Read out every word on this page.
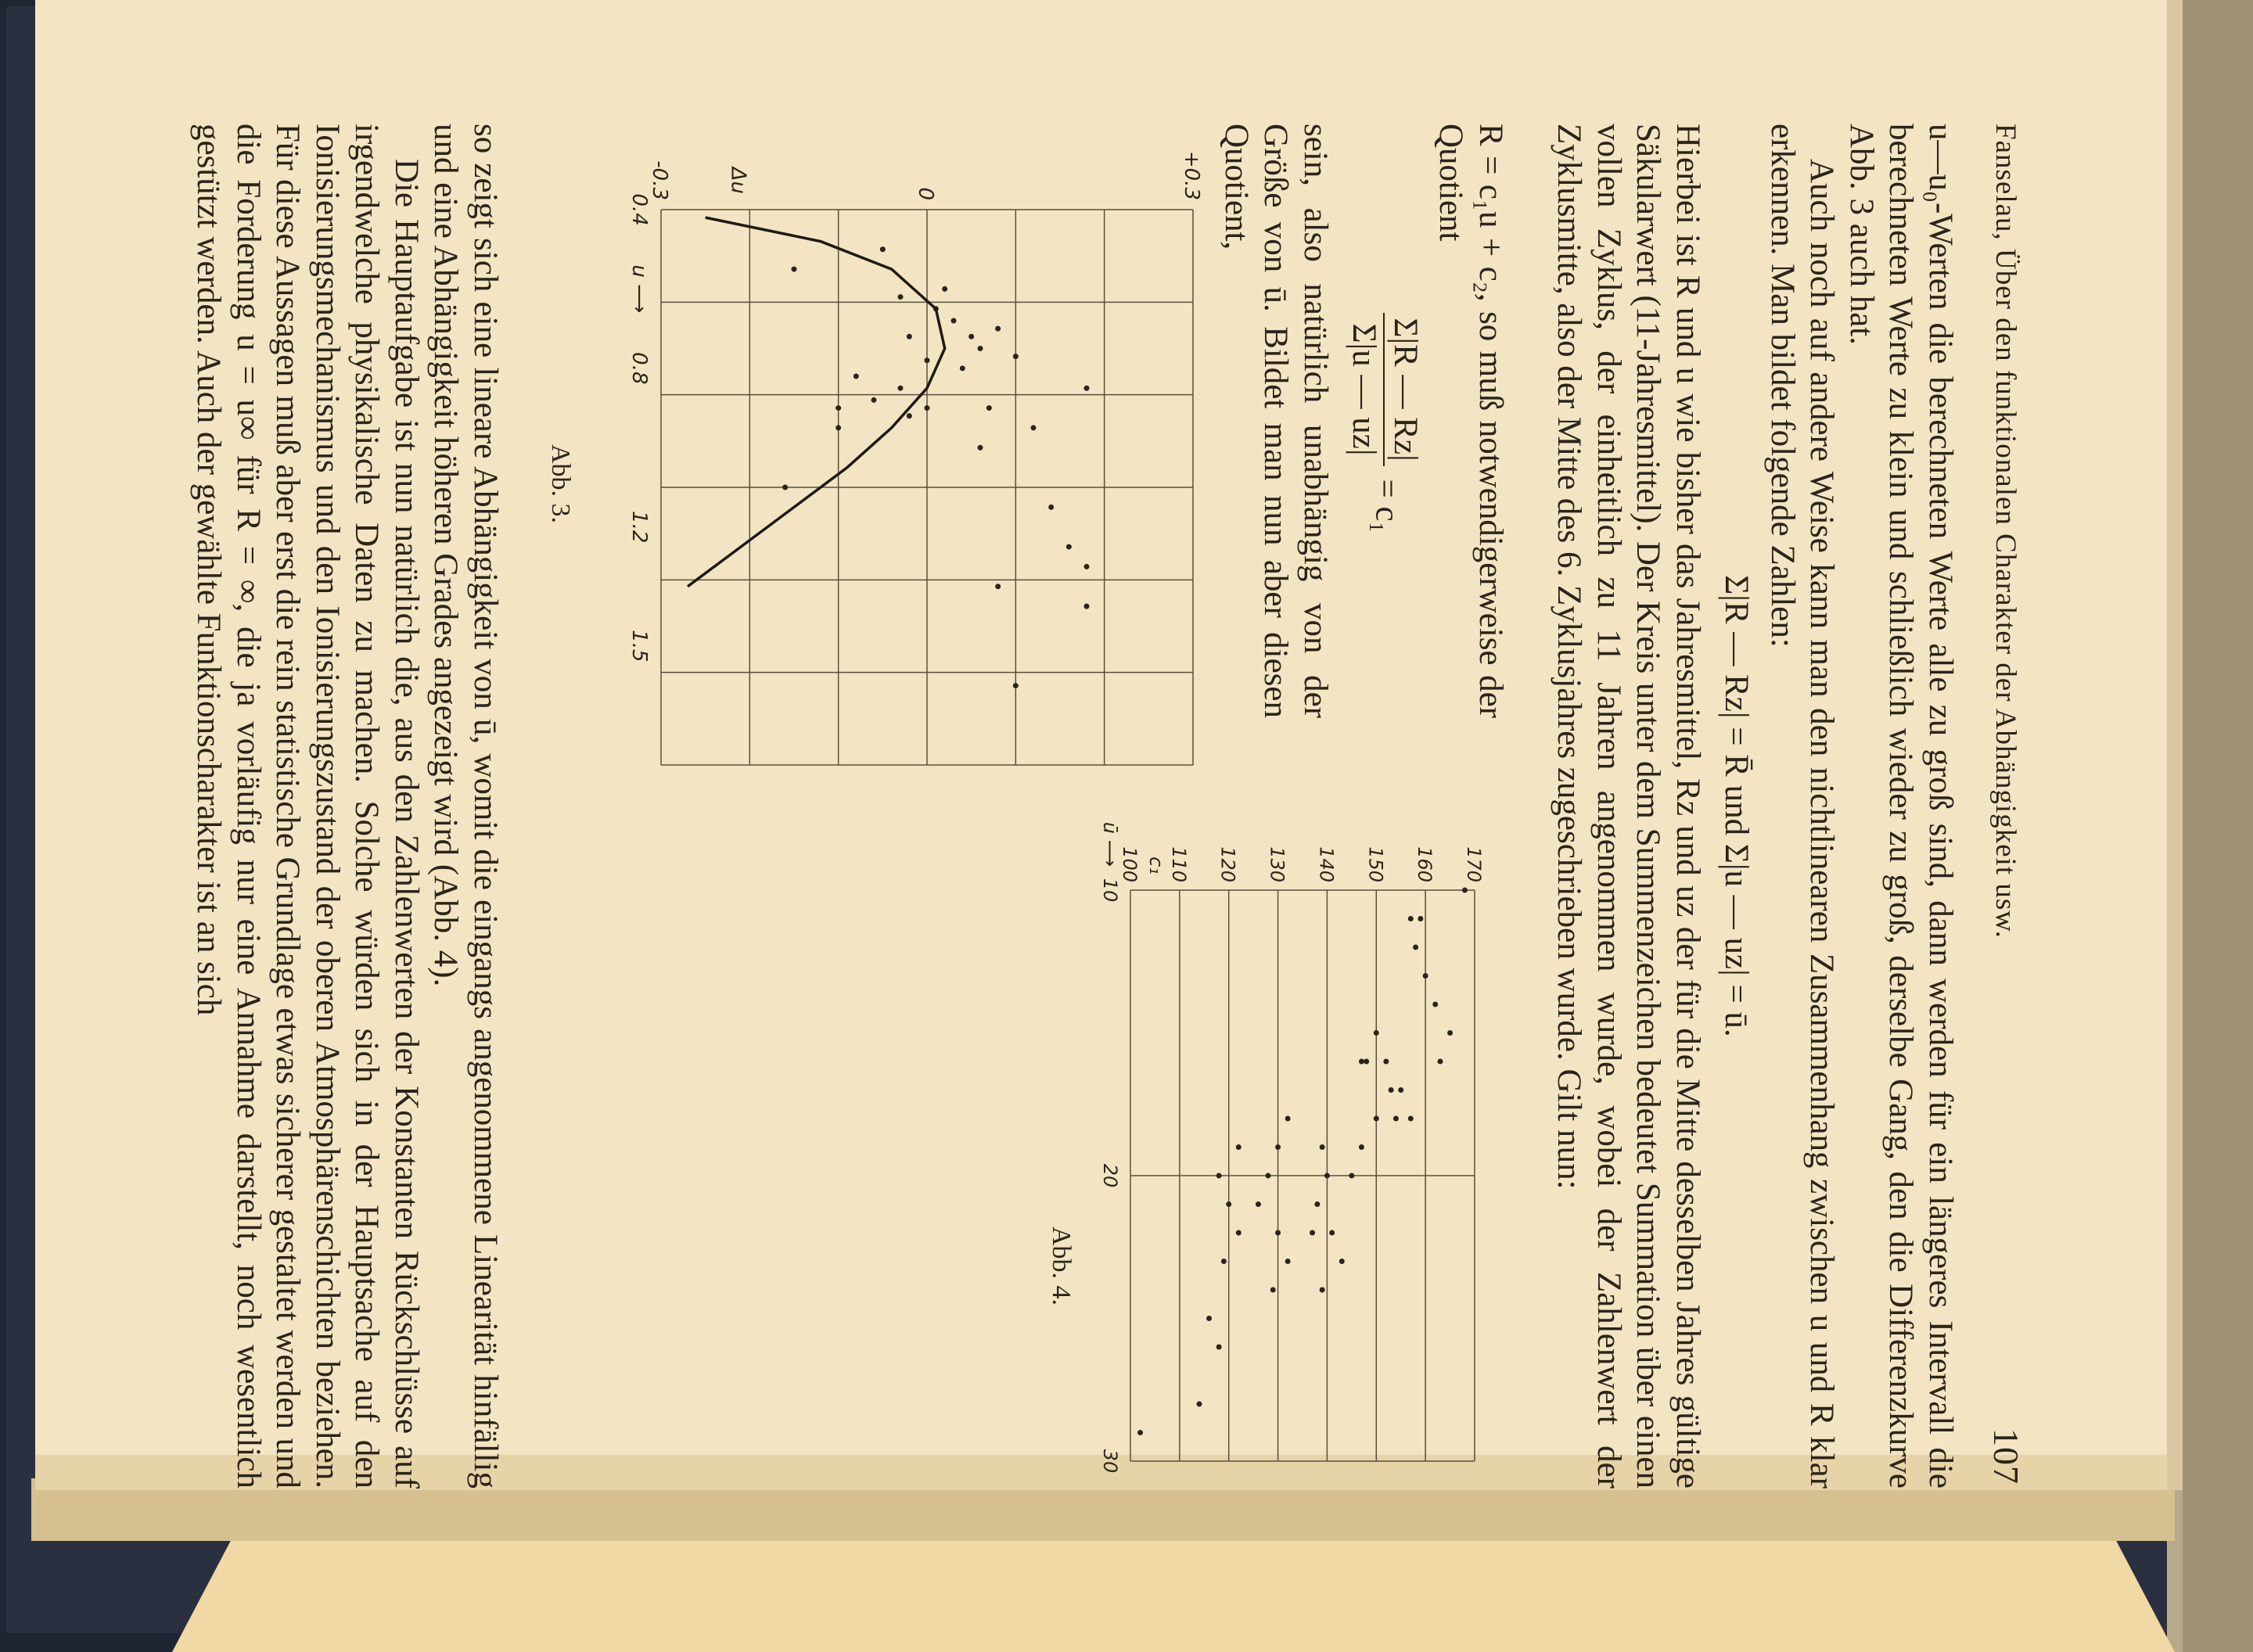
Fanselau, Über den funktionalen Charakter der Abhängigkeit usw.
107

u—u₀-Werten die berechneten Werte alle zu groß sind, dann werden für ein längeres Intervall die berechneten Werte zu klein und schließlich wieder zu groß, derselbe Gang, den die Differenzkurve Abb. 3 auch hat.

Auch noch auf andere Weise kann man den nichtlinearen Zusammenhang zwischen u und R klar erkennen. Man bildet folgende Zahlen:

Σ|R — Rz| = R̄ und Σ|u — uz| = ū.

Hierbei ist R und u wie bisher das Jahresmittel, Rz und uz der für die Mitte desselben Jahres gültige Säkularwert (11-Jahresmittel). Der Kreis unter dem Summenzeichen bedeutet Summation über einen vollen Zyklus, der einheitlich zu 11 Jahren angenommen wurde, wobei der Zahlenwert der Zyklusmitte, also der Mitte des 6. Zyklusjahres zugeschrieben wurde. Gilt nun:

R = c₁u + c₂, so muß notwendigerweise der Quotient

Σ|R — Rz|
Σ|u — uz|
= c₁

sein, also natürlich unabhängig von der Größe von ū. Bildet man nun aber diesen Quotient,

170
160
150
140
130
120
110
100 c₁
10
20
30
ū ⟶
Abb. 4.
+0.3
0
-0.3	Δu
0.4
0.8
1.2
1.5
u ⟶
Abb. 3.

so zeigt sich eine lineare Abhängigkeit von ū, womit die eingangs angenommene Linearität hinfällig und eine Abhängigkeit höheren Grades angezeigt wird (Abb. 4).

Die Hauptaufgabe ist nun natürlich die, aus den Zahlenwerten der Konstanten Rückschlüsse auf irgendwelche physikalische Daten zu machen. Solche würden sich in der Hauptsache auf den Ionisierungsmechanismus und den Ionisierungszustand der oberen Atmosphärenschichten beziehen. Für diese Aussagen muß aber erst die rein statistische Grundlage etwas sicherer gestaltet werden und die Forderung u = u∞ für R = ∞, die ja vorläufig nur eine Annahme darstellt, noch wesentlich gestützt werden. Auch der gewählte Funktionscharakter ist an sich
